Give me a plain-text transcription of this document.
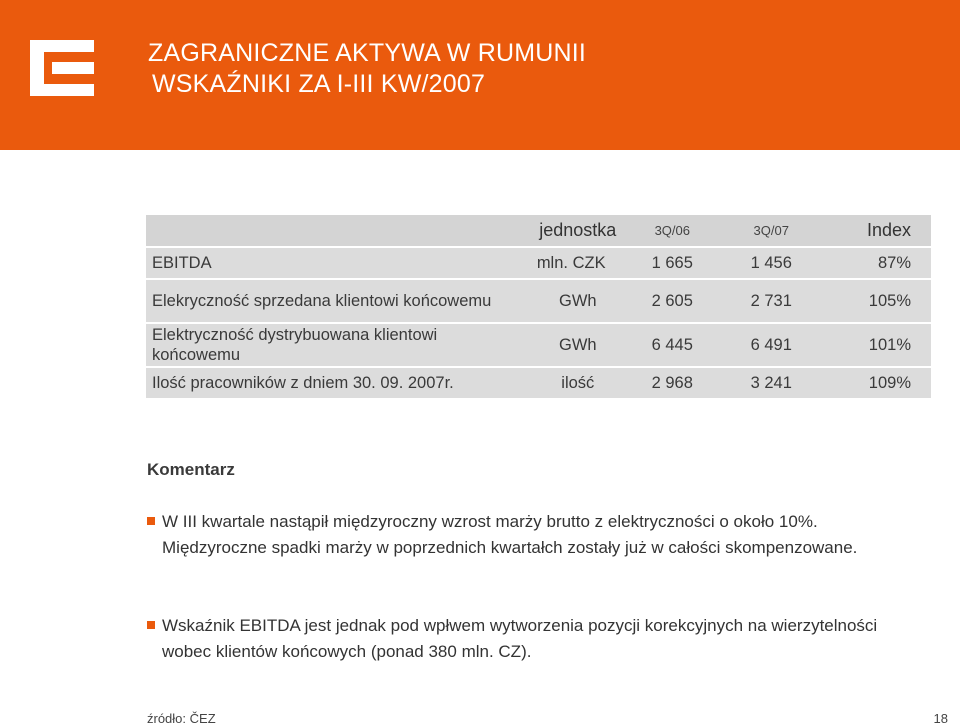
ZAGRANICZNE AKTYWA W RUMUNII
WSKAŹNIKI ZA I-III KW/2007
	jednostka	3Q/06	3Q/07	Index
EBITDA	mln. CZK	1 665	1 456	87%
Elekryczność sprzedana klientowi końcowemu	GWh	2 605	2 731	105%
Elektryczność dystrybuowana klientowi końcowemu	GWh	6 445	6 491	101%
Ilość pracowników z dniem 30. 09. 2007r.	ilość	2 968	3 241	109%
Komentarz
W III kwartale nastąpił międzyroczny wzrost marży brutto z elektryczności o około 10%. Międzyroczne spadki marży w poprzednich kwartałch zostały już w całości skompenzowane.
Wskaźnik EBITDA jest jednak pod wpłwem wytworzenia pozycji korekcyjnych na wierzytelności wobec klientów końcowych (ponad 380 mln. CZ).
źródło: ČEZ	18
